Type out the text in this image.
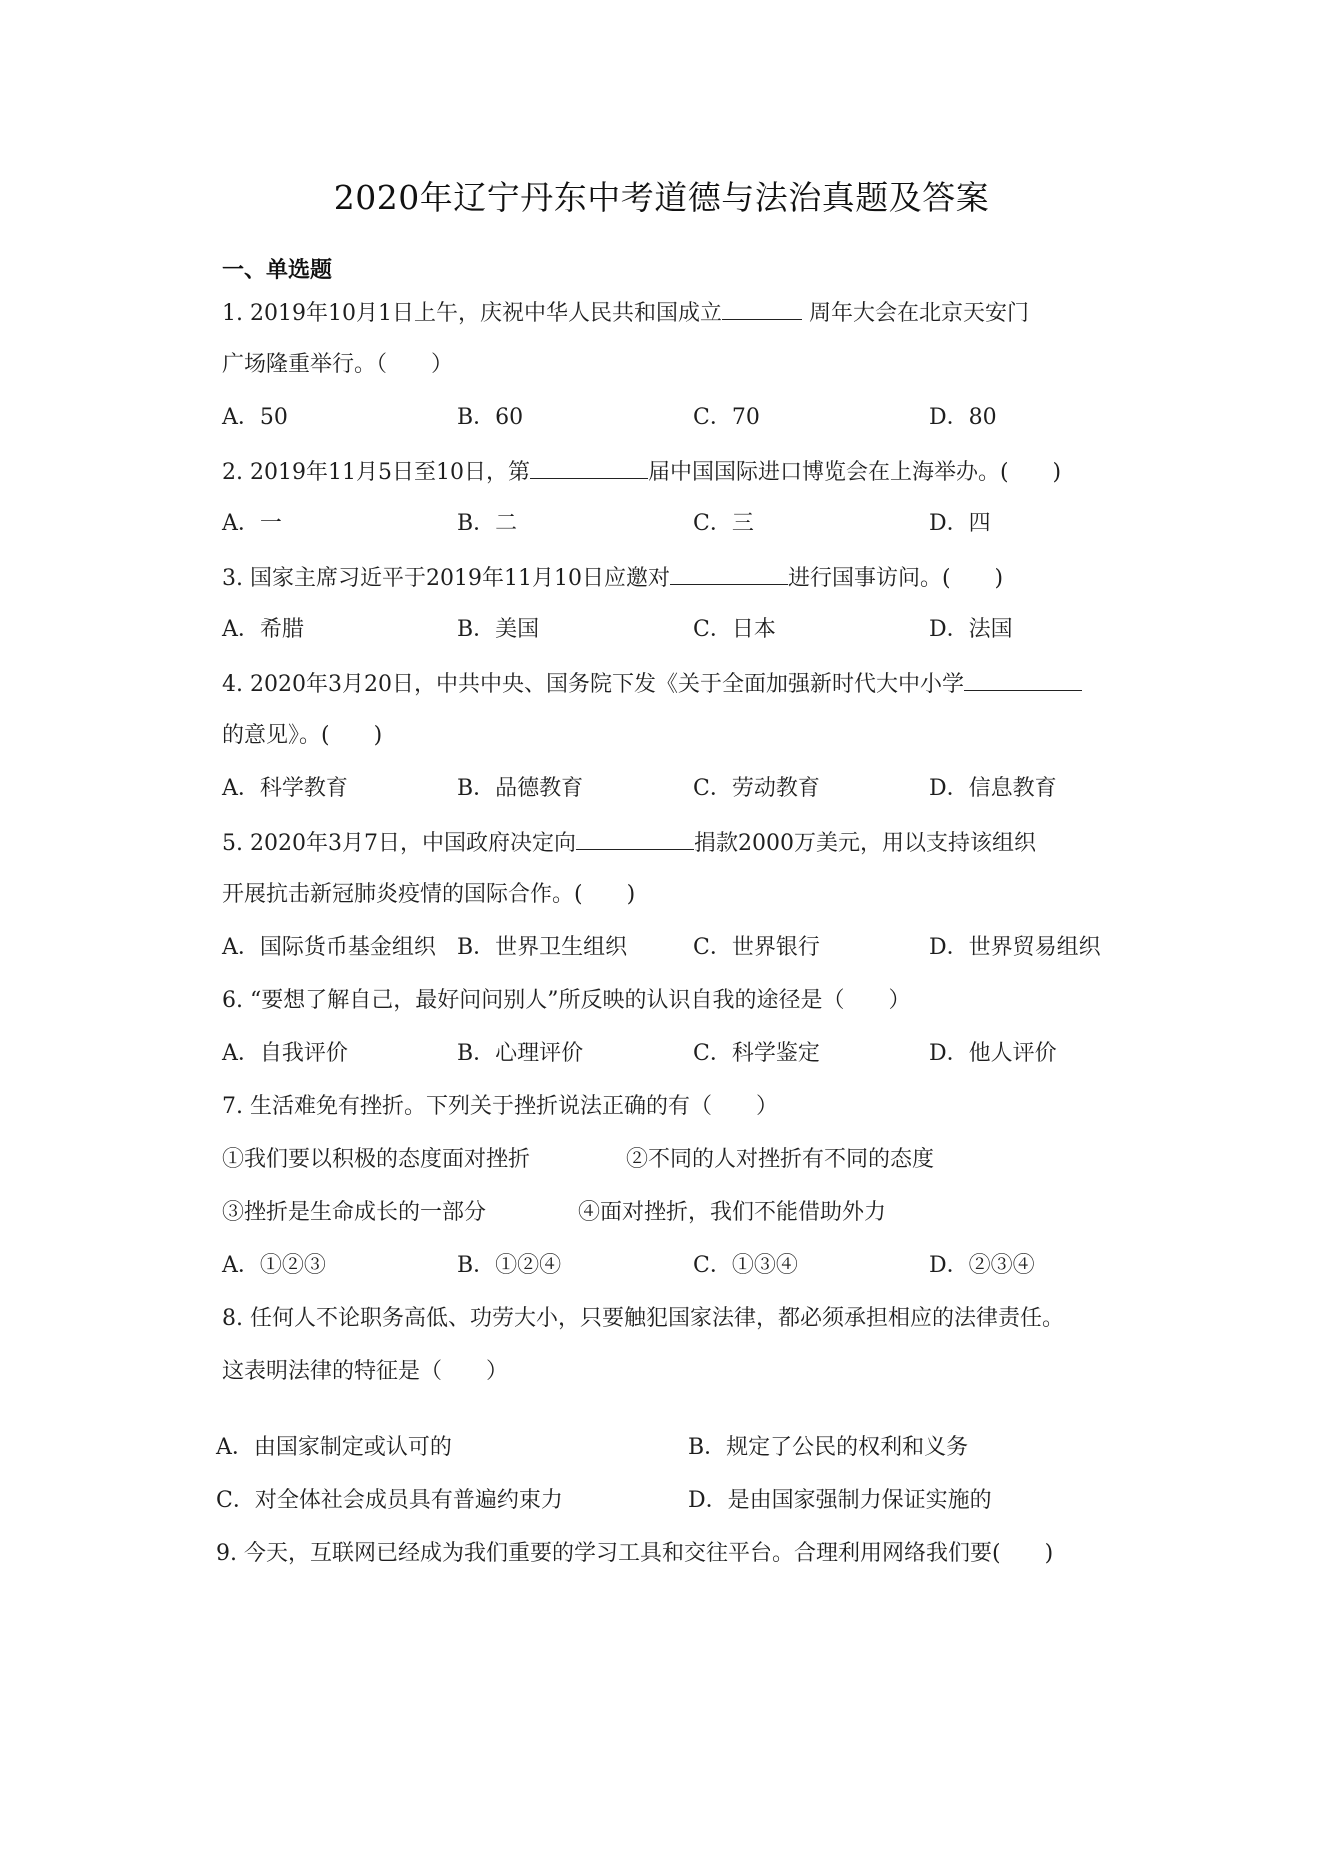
2020年辽宁丹东中考道德与法治真题及答案
一、单选题
1. 2019年10月1日上午，庆祝中华人民共和国成立	周年大会在北京天安门
广场隆重举行。（　　）
A．50	B．60	C．70	D．80
2. 2019年11月5日至10日，第	届中国国际进口博览会在上海举办。(　　)
A．一	B．二	C．三	D．四
3. 国家主席习近平于2019年11月10日应邀对	进行国事访问。(　　)
A．希腊	B．美国	C．日本	D．法国
4. 2020年3月20日，中共中央、国务院下发《关于全面加强新时代大中小学
的意见》。(　　)
A．科学教育	B．品德教育	C．劳动教育	D．信息教育
5. 2020年3月7日，中国政府决定向	捐款2000万美元，用以支持该组织
开展抗击新冠肺炎疫情的国际合作。(　　)
A．国际货币基金组织 B．世界卫生组织	C．世界银行	D．世界贸易组织
6. “要想了解自己，最好问问别人”所反映的认识自我的途径是（　　）
A．自我评价	B．心理评价	C．科学鉴定	D．他人评价
7. 生活难免有挫折。下列关于挫折说法正确的有（　　）
①我们要以积极的态度面对挫折	②不同的人对挫折有不同的态度
③挫折是生命成长的一部分	④面对挫折，我们不能借助外力
A．①②③	B．①②④	C．①③④	D．②③④
8. 任何人不论职务高低、功劳大小，只要触犯国家法律，都必须承担相应的法律责任。
这表明法律的特征是（　　）
A．由国家制定或认可的	B．规定了公民的权利和义务
C．对全体社会成员具有普遍约束力	D．是由国家强制力保证实施的
9. 今天，互联网已经成为我们重要的学习工具和交往平台。合理利用网络我们要(　　)
